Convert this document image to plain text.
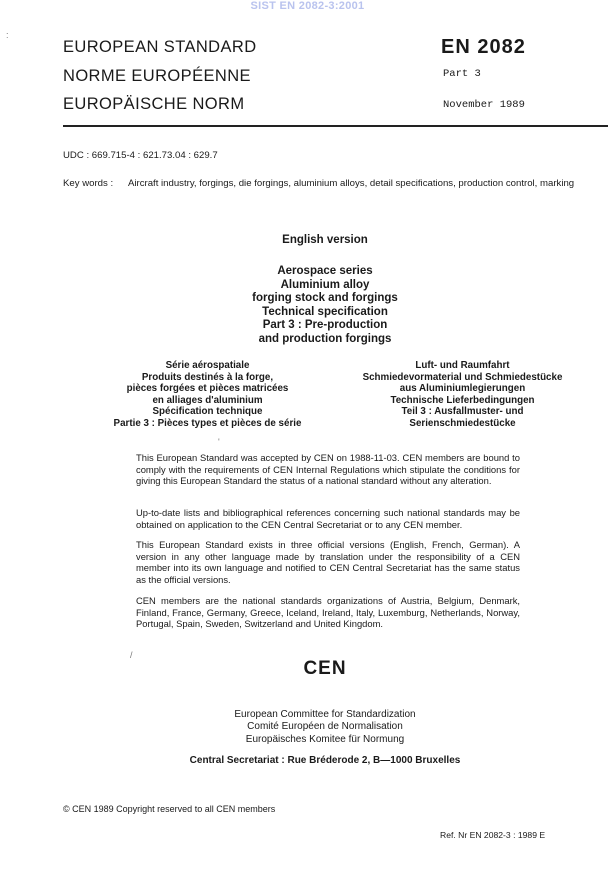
SIST EN 2082-3:2001
:
/
'
EUROPEAN STANDARD
NORME EUROPÉENNE
EUROPÄISCHE NORM
EN 2082
Part 3
November 1989
UDC : 669.715-4 : 621.73.04 : 629.7
Key words : Aircraft industry, forgings, die forgings, aluminium alloys, detail specifications, production control, marking
English version
Aerospace series
Aluminium alloy
forging stock and forgings
Technical specification
Part 3 : Pre-production
and production forgings
Série aérospatiale
Produits destinés à la forge,
pièces forgées et pièces matricées
en alliages d'aluminium
Spécification technique
Partie 3 : Pièces types et pièces de série
Luft- und Raumfahrt
Schmiedevormaterial und Schmiedestücke
aus Aluminiumlegierungen
Technische Lieferbedingungen
Teil 3 : Ausfallmuster- und
Serienschmiedestücke
This European Standard was accepted by CEN on 1988-11-03. CEN members are bound to comply with the requirements of CEN Internal Regulations which stipulate the conditions for giving this European Standard the status of a national standard without any alteration.
Up-to-date lists and bibliographical references concerning such national standards may be obtained on application to the CEN Central Secretariat or to any CEN member.
This European Standard exists in three official versions (English, French, German). A version in any other language made by translation under the responsibility of a CEN member into its own language and notified to CEN Central Secretariat has the same status as the official versions.
CEN members are the national standards organizations of Austria, Belgium, Denmark, Finland, France, Germany, Greece, Iceland, Ireland, Italy, Luxemburg, Netherlands, Norway, Portugal, Spain, Sweden, Switzerland and United Kingdom.
CEN
European Committee for Standardization
Comité Européen de Normalisation
Europäisches Komitee für Normung
Central Secretariat : Rue Bréderode 2, B—1000 Bruxelles
© CEN 1989 Copyright reserved to all CEN members
Ref. Nr EN 2082-3 : 1989 E
